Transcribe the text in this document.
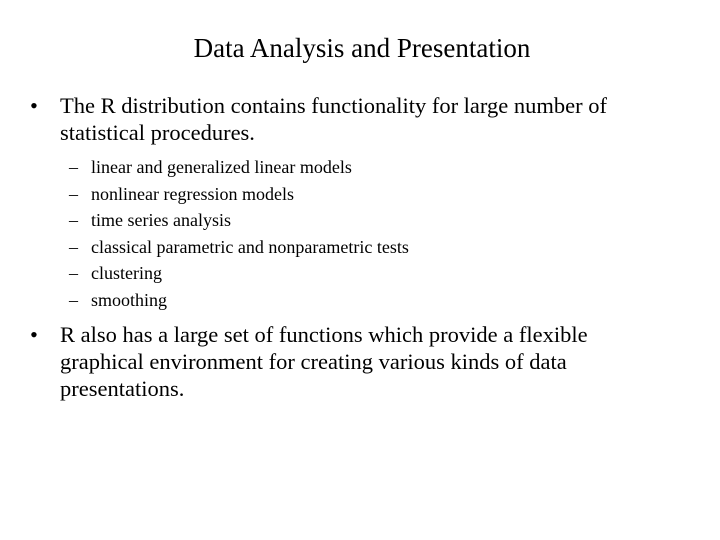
Data Analysis and Presentation
• The R distribution contains functionality for large number of statistical procedures.
– linear and generalized linear models
– nonlinear regression models
– time series analysis
– classical parametric and nonparametric tests
– clustering
– smoothing
• R also has a large set of functions which provide a flexible graphical environment for creating various kinds of data presentations.
